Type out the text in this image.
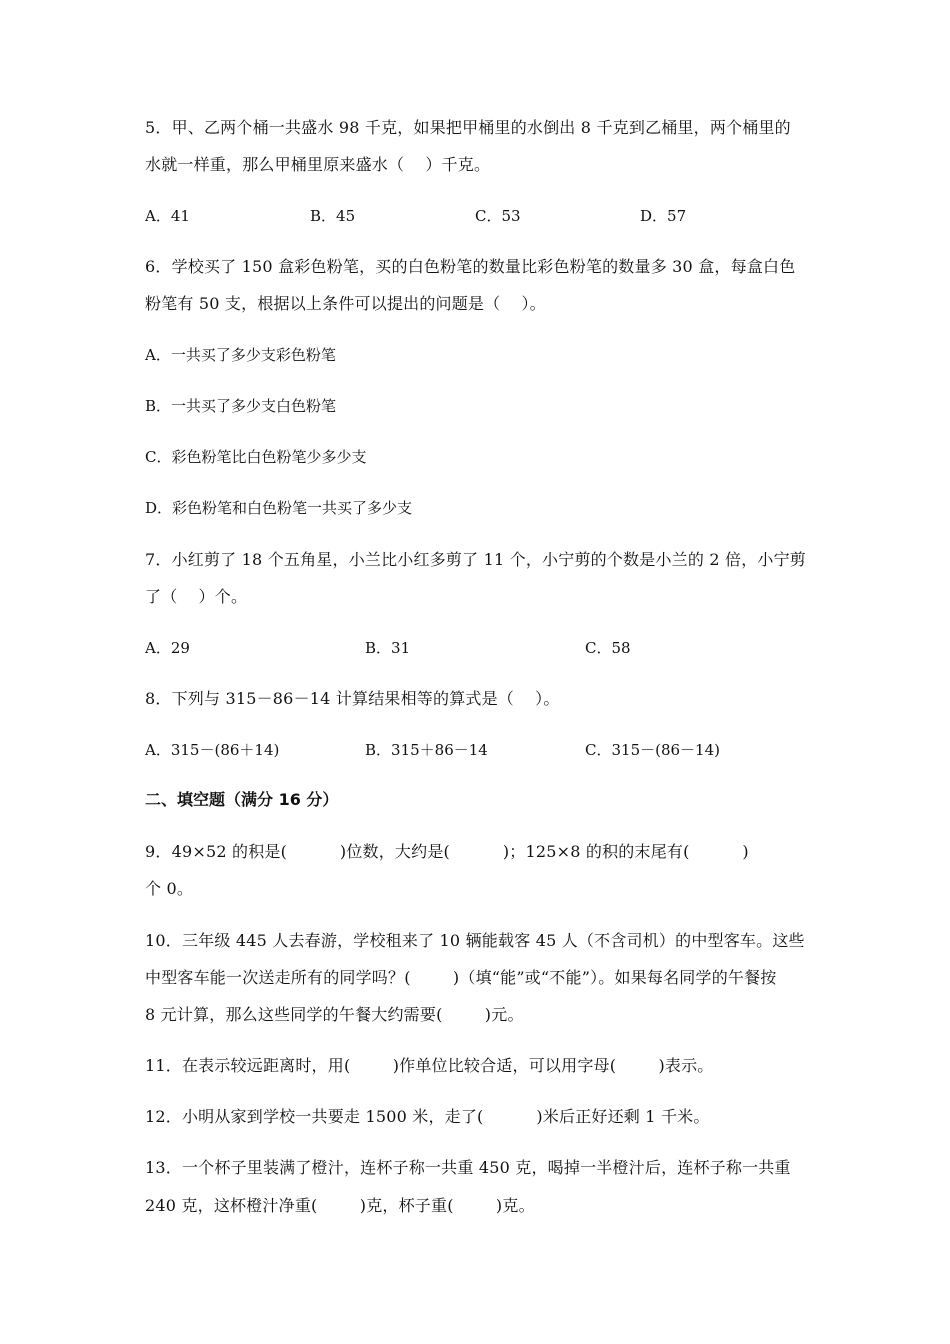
5．甲、乙两个桶一共盛水 98 千克，如果把甲桶里的水倒出 8 千克到乙桶里，两个桶里的
水就一样重，那么甲桶里原来盛水（    ）千克。
A．41	B．45	C．53	D．57
6．学校买了 150 盒彩色粉笔，买的白色粉笔的数量比彩色粉笔的数量多 30 盒，每盒白色
粉笔有 50 支，根据以上条件可以提出的问题是（    ）。
A．一共买了多少支彩色粉笔
B．一共买了多少支白色粉笔
C．彩色粉笔比白色粉笔少多少支
D．彩色粉笔和白色粉笔一共买了多少支
7．小红剪了 18 个五角星，小兰比小红多剪了 11 个，小宁剪的个数是小兰的 2 倍，小宁剪
了（    ）个。
A．29	B．31	C．58
8．下列与 315－86－14 计算结果相等的算式是（    ）。
A．315－(86＋14)	B．315＋86－14	C．315－(86－14)
二、填空题（满分 16 分）
9．49×52 的积是(          )位数，大约是(          )；125×8 的积的末尾有(          )
个 0。
10．三年级 445 人去春游，学校租来了 10 辆能载客 45 人（不含司机）的中型客车。这些
中型客车能一次送走所有的同学吗？(        )（填“能”或“不能”）。如果每名同学的午餐按
8 元计算，那么这些同学的午餐大约需要(        )元。
11．在表示较远距离时，用(        )作单位比较合适，可以用字母(        )表示。
12．小明从家到学校一共要走 1500 米，走了(          )米后正好还剩 1 千米。
13．一个杯子里装满了橙汁，连杯子称一共重 450 克，喝掉一半橙汁后，连杯子称一共重
240 克，这杯橙汁净重(        )克，杯子重(        )克。
